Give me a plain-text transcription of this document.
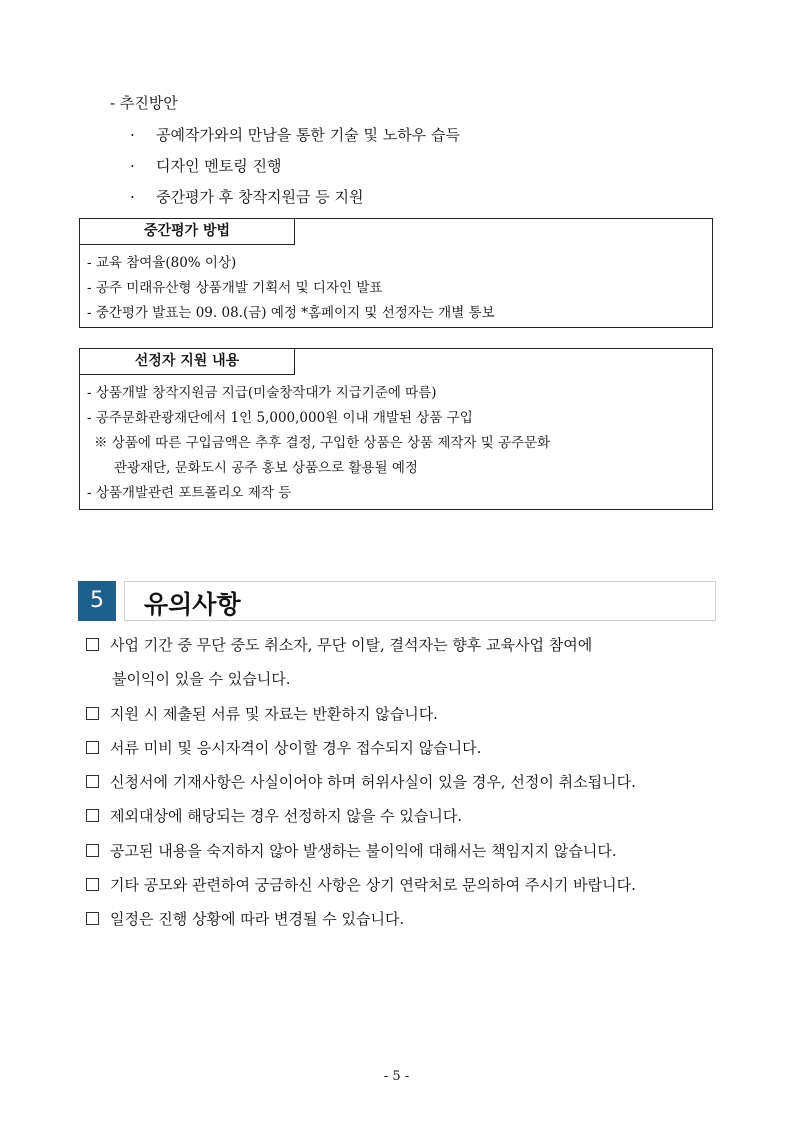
- 추진방안
· 공예작가와의 만남을 통한 기술 및 노하우 습득
· 디자인 멘토링 진행
· 중간평가 후 창작지원금 등 지원
중간평가 방법
- 교육 참여율(80% 이상)
- 공주 미래유산형 상품개발 기획서 및 디자인 발표
- 중간평가 발표는 09. 08.(금) 예정 *홈페이지 및 선정자는 개별 통보
선정자 지원 내용
- 상품개발 창작지원금 지급(미술창작대가 지급기준에 따름)
- 공주문화관광재단에서 1인 5,000,000원 이내 개발된 상품 구입
※ 상품에 따른 구입금액은 추후 결정, 구입한 상품은 상품 제작자 및 공주문화
관광재단, 문화도시 공주 홍보 상품으로 활용될 예정
- 상품개발관련 포트폴리오 제작 등
5	유의사항
사업 기간 중 무단 중도 취소자, 무단 이탈, 결석자는 향후 교육사업 참여에
불이익이 있을 수 있습니다.
지원 시 제출된 서류 및 자료는 반환하지 않습니다.
서류 미비 및 응시자격이 상이할 경우 접수되지 않습니다.
신청서에 기재사항은 사실이어야 하며 허위사실이 있을 경우, 선정이 취소됩니다.
제외대상에 해당되는 경우 선정하지 않을 수 있습니다.
공고된 내용을 숙지하지 않아 발생하는 불이익에 대해서는 책임지지 않습니다.
기타 공모와 관련하여 궁금하신 사항은 상기 연락처로 문의하여 주시기 바랍니다.
일정은 진행 상황에 따라 변경될 수 있습니다.
- 5 -
